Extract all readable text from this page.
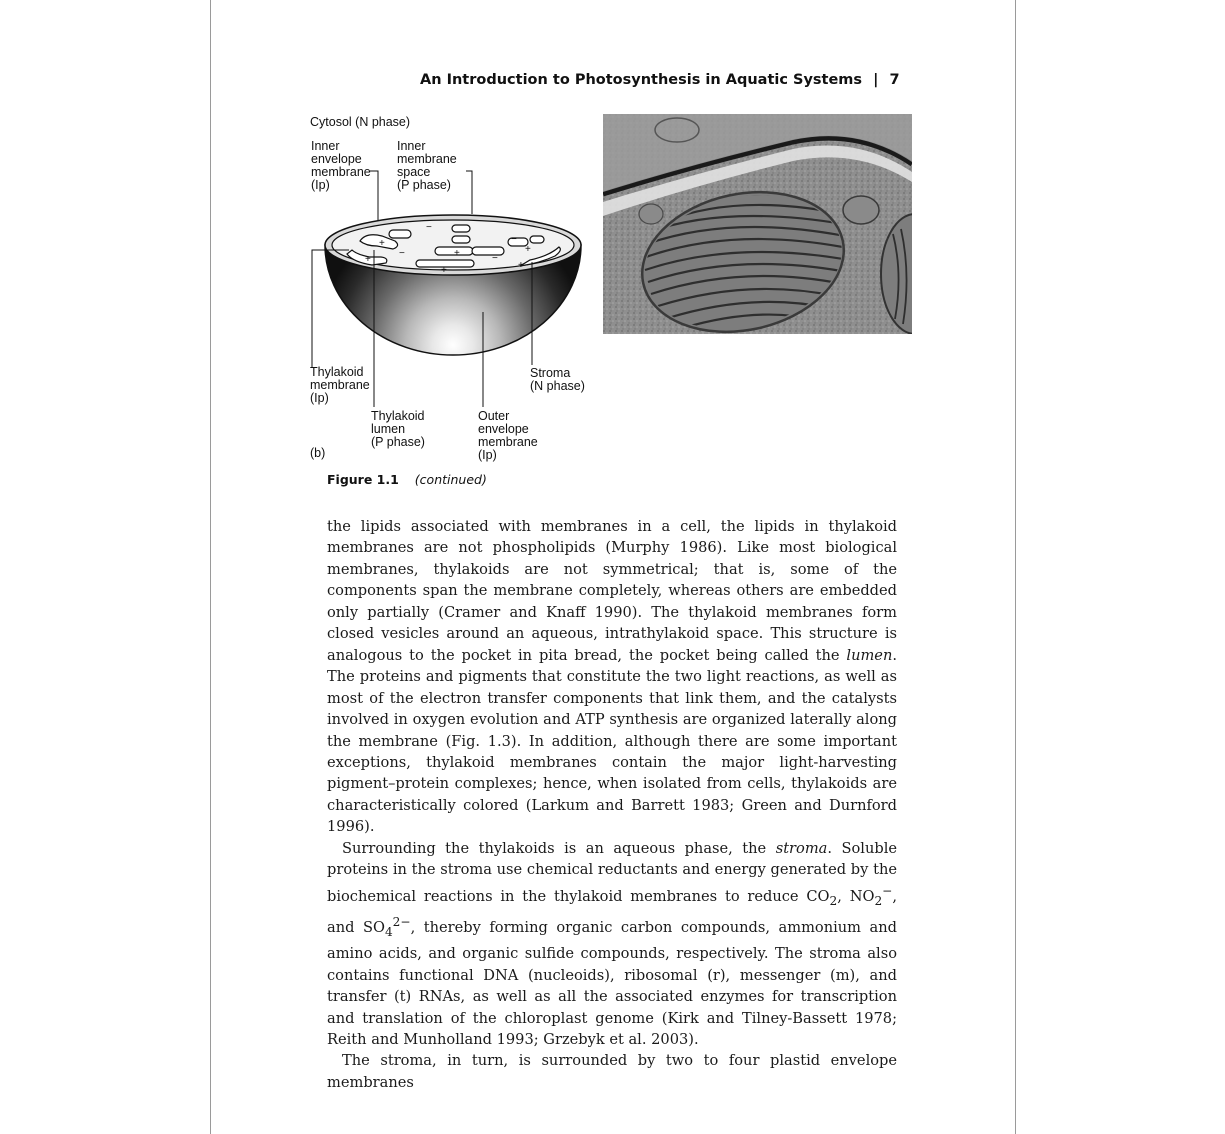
An Introduction to Photosynthesis in Aquatic Systems | 7
Cytosol (N phase)
Inner
envelope
membrane
(Ip)
Inner
membrane
space
(P phase)
Thylakoid
membrane
(Ip)
Stroma
(N phase)
Thylakoid
lumen
(P phase)
Outer
envelope
membrane
(Ip)
(b)
+
+
−
−
+
+
−
−
+
+
Figure 1.1 (continued)

the lipids associated with membranes in a cell, the lipids in thylakoid membranes are not phospholipids (Murphy 1986). Like most biological membranes, thylakoids are not symmetrical; that is, some of the components span the membrane completely, whereas others are embedded only partially (Cramer and Knaff 1990). The thylakoid membranes form closed vesicles around an aqueous, intrathylakoid space. This structure is analogous to the pocket in pita bread, the pocket being called the lumen. The proteins and pigments that constitute the two light reactions, as well as most of the electron transfer components that link them, and the catalysts involved in oxygen evolution and ATP synthesis are organized laterally along the membrane (Fig. 1.3). In addition, although there are some important exceptions, thylakoid membranes contain the major light-harvesting pigment–protein complexes; hence, when isolated from cells, thylakoids are characteristically colored (Larkum and Barrett 1983; Green and Durnford 1996).

Surrounding the thylakoids is an aqueous phase, the stroma. Soluble proteins in the stroma use chemical reductants and energy generated by the biochemical reactions in the thylakoid membranes to reduce $CO_2$, $NO_2^-$, and $SO_4^{2-}$, thereby forming organic carbon compounds, ammonium and amino acids, and organic sulfide compounds, respectively. The stroma also contains functional DNA (nucleoids), ribosomal (r), messenger (m), and transfer (t) RNAs, as well as all the associated enzymes for transcription and translation of the chloroplast genome (Kirk and Tilney-Bassett 1978; Reith and Munholland 1993; Grzebyk et al. 2003).

The stroma, in turn, is surrounded by two to four plastid envelope membranes
